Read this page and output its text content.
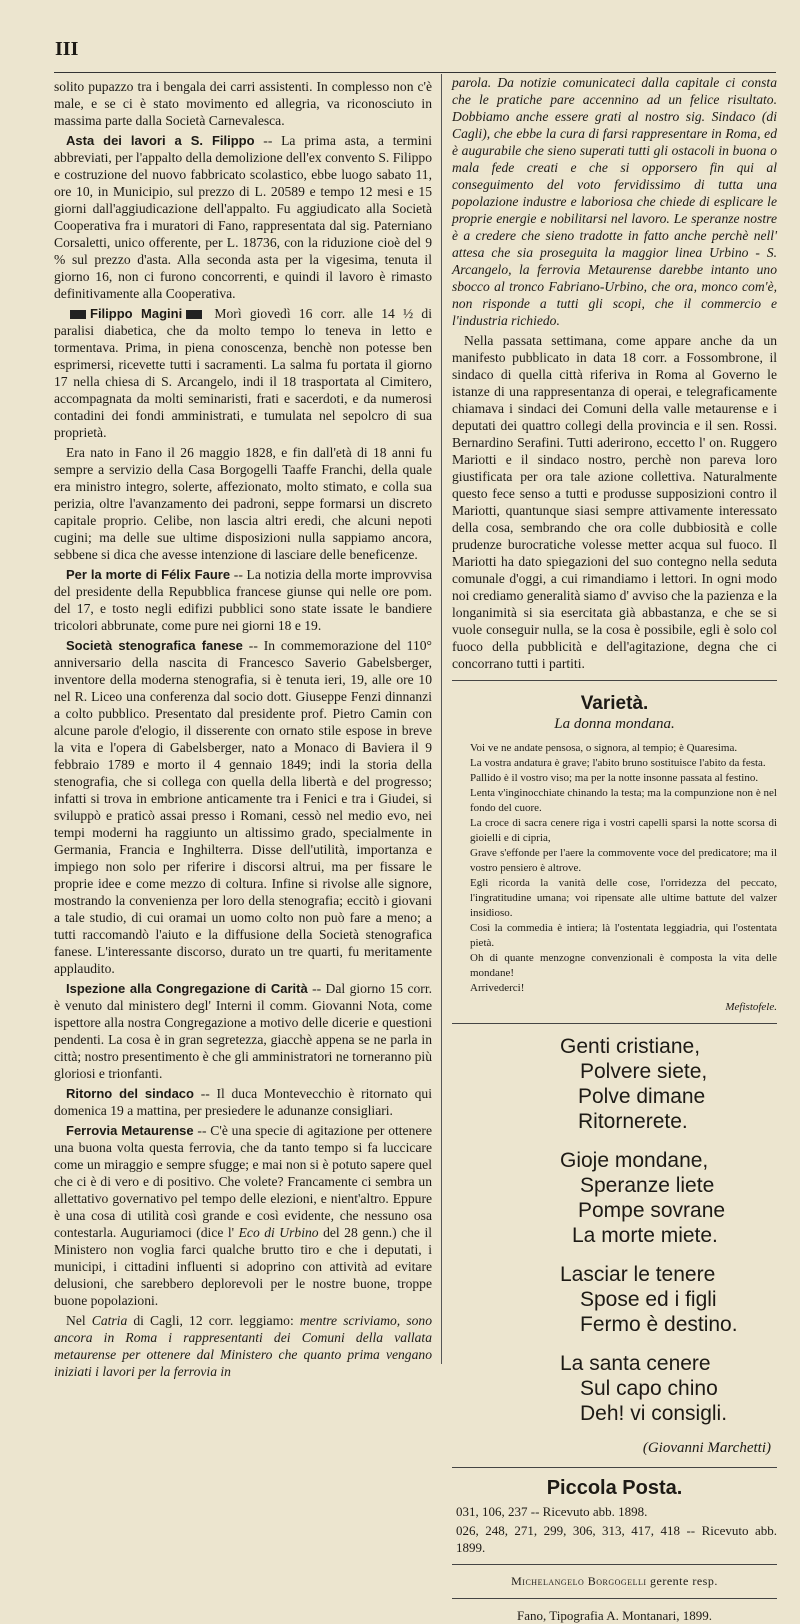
III

solito pupazzo tra i bengala dei carri assistenti. In complesso non c'è male, e se ci è stato movimento ed allegria, va riconosciuto in massima parte dalla Società Carnevalesca.

Asta dei lavori a S. Filippo -- La prima asta, a termini abbreviati, per l'appalto della demolizione dell'ex convento S. Filippo e costruzione del nuovo fabbricato scolastico, ebbe luogo sabato 11, ore 10, in Municipio, sul prezzo di L. 20589 e tempo 12 mesi e 15 giorni dall'aggiudicazione dell'appalto. Fu aggiudicato alla Società Cooperativa fra i muratori di Fano, rappresentata dal sig. Paterniano Corsaletti, unico offerente, per L. 18736, con la riduzione cioè del 9 % sul prezzo d'asta. Alla seconda asta per la vigesima, tenuta il giorno 16, non ci furono concorrenti, e quindi il lavoro è rimasto definitivamente alla Cooperativa.

Filippo Magini Morì giovedì 16 corr. alle 14 ½ di paralisi diabetica, che da molto tempo lo teneva in letto e tormentava. Prima, in piena conoscenza, benchè non potesse ben esprimersi, ricevette tutti i sacramenti. La salma fu portata il giorno 17 nella chiesa di S. Arcangelo, indi il 18 trasportata al Cimitero, accompagnata da molti seminaristi, frati e sacerdoti, e da numerosi contadini dei fondi amministrati, e tumulata nel sepolcro di sua proprietà.

Era nato in Fano il 26 maggio 1828, e fin dall'età di 18 anni fu sempre a servizio della Casa Borgogelli Taaffe Franchi, della quale era ministro integro, solerte, affezionato, molto stimato, e colla sua perizia, oltre l'avanzamento dei padroni, seppe formarsi un discreto capitale proprio. Celibe, non lascia altri eredi, che alcuni nepoti cugini; ma delle sue ultime disposizioni nulla sappiamo ancora, sebbene si dica che avesse intenzione di lasciare delle beneficenze.

Per la morte di Félix Faure -- La notizia della morte improvvisa del presidente della Repubblica francese giunse qui nelle ore pom. del 17, e tosto negli edifizi pubblici sono state issate le bandiere tricolori abbrunate, come pure nei giorni 18 e 19.

Società stenografica fanese -- In commemorazione del 110° anniversario della nascita di Francesco Saverio Gabelsberger, inventore della moderna stenografia, si è tenuta ieri, 19, alle ore 10 nel R. Liceo una conferenza dal socio dott. Giuseppe Fenzi dinnanzi a colto pubblico. Presentato dal presidente prof. Pietro Camin con alcune parole d'elogio, il disserente con ornato stile espose in breve la vita e l'opera di Gabelsberger, nato a Monaco di Baviera il 9 febbraio 1789 e morto il 4 gennaio 1849; indi la storia della stenografia, che si collega con quella della libertà e del progresso; infatti si trova in embrione anticamente tra i Fenici e tra i Giudei, si sviluppò e praticò assai presso i Romani, cessò nel medio evo, nei tempi moderni ha raggiunto un altissimo grado, specialmente in Germania, Francia e Inghilterra. Disse dell'utilità, importanza e impiego non solo per riferire i discorsi altrui, ma per fissare le proprie idee e come mezzo di coltura. Infine si rivolse alle signore, mostrando la convenienza per loro della stenografia; eccitò i giovani a tale studio, di cui oramai un uomo colto non può fare a meno; a tutti raccomandò l'aiuto e la diffusione della Società stenografica fanese. L'interessante discorso, durato un tre quarti, fu meritamente applaudito.

Ispezione alla Congregazione di Carità -- Dal giorno 15 corr. è venuto dal ministero degl' Interni il comm. Giovanni Nota, come ispettore alla nostra Congregazione a motivo delle dicerie e questioni pendenti. La cosa è in gran segretezza, giacchè appena se ne parla in città; nostro presentimento è che gli amministratori ne torneranno più gloriosi e trionfanti.

Ritorno del sindaco -- Il duca Montevecchio è ritornato qui domenica 19 a mattina, per presiedere le adunanze consigliari.

Ferrovia Metaurense -- C'è una specie di agitazione per ottenere una buona volta questa ferrovia, che da tanto tempo si fa luccicare come un miraggio e sempre sfugge; e mai non si è potuto sapere quel che ci è di vero e di positivo. Che volete? Francamente ci sembra un allettativo governativo pel tempo delle elezioni, e nient'altro. Eppure è una cosa di utilità così grande e così evidente, che nessuno osa contestarla. Auguriamoci (dice l' Eco di Urbino del 28 genn.) che il Ministero non voglia farci qualche brutto tiro e che i deputati, i municipi, i cittadini influenti si adoprino con attività ad evitare delusioni, che sarebbero deplorevoli per le nostre buone, troppe buone popolazioni.

Nel Catria di Cagli, 12 corr. leggiamo: mentre scriviamo, sono ancora in Roma i rappresentanti dei Comuni della vallata metaurense per ottenere dal Ministero che quanto prima vengano iniziati i lavori per la ferrovia in

parola. Da notizie comunicateci dalla capitale ci consta che le pratiche pare accennino ad un felice risultato. Dobbiamo anche essere grati al nostro sig. Sindaco (di Cagli), che ebbe la cura di farsi rappresentare in Roma, ed è augurabile che sieno superati tutti gli ostacoli in buona o mala fede creati e che si opporsero fin qui al conseguimento del voto fervidissimo di tutta una popolazione industre e laboriosa che chiede di esplicare le proprie energie e nobilitarsi nel lavoro. Le speranze nostre è a credere che sieno tradotte in fatto anche perchè nell' attesa che sia proseguita la maggior linea Urbino - S. Arcangelo, la ferrovia Metaurense darebbe intanto uno sbocco al tronco Fabriano-Urbino, che ora, monco com'è, non risponde a tutti gli scopi, che il commercio e l'industria richiedo.

Nella passata settimana, come appare anche da un manifesto pubblicato in data 18 corr. a Fossombrone, il sindaco di quella città riferiva in Roma al Governo le istanze di una rappresentanza di operai, e telegraficamente chiamava i sindaci dei Comuni della valle metaurense e i deputati dei quattro collegi della provincia e il sen. Rossi. Bernardino Serafini. Tutti aderirono, eccetto l' on. Ruggero Mariotti e il sindaco nostro, perchè non pareva loro giustificata per ora tale azione collettiva. Naturalmente questo fece senso a tutti e produsse supposizioni contro il Mariotti, quantunque siasi sempre attivamente interessato della cosa, sembrando che ora colle dubbiosità e colle prudenze burocratiche volesse metter acqua sul fuoco. Il Mariotti ha dato spiegazioni del suo contegno nella seduta comunale d'oggi, a cui rimandiamo i lettori. In ogni modo noi crediamo generalità siamo d' avviso che la pazienza e la longanimità si sia esercitata già abbastanza, e che se si vuole conseguir nulla, se la cosa è possibile, egli è solo col fuoco della pubblicità e dell'agitazione, degna che ci concorrano tutti i partiti.

Varietà.
La donna mondana.
Voi ve ne andate pensosa, o signora, al tempio; è Quaresima.
La vostra andatura è grave; l'abito bruno sostituisce l'abito da festa.
Pallido è il vostro viso; ma per la notte insonne passata al festino.
Lenta v'inginocchiate chinando la testa; ma la compunzione non è nel fondo del cuore.
La croce di sacra cenere riga i vostri capelli sparsi la notte scorsa di gioielli e di cipria,
Grave s'effonde per l'aere la commovente voce del predicatore; ma il vostro pensiero è altrove.
Egli ricorda la vanità delle cose, l'orridezza del peccato, l'ingratitudine umana; voi ripensate alle ultime battute del valzer insidioso.
Così la commedia è intiera; là l'ostentata leggiadria, qui l'ostentata pietà.
Oh di quante menzogne convenzionali è composta la vita delle mondane!
Arrivederci!
Mefistofele.
Genti cristiane,
Polvere siete,
Polve dimane
Ritornerete.
Gioje mondane,
Speranze liete
Pompe sovrane
La morte miete.
Lasciar le tenere
Spose ed i figli
Fermo è destino.
La santa cenere
Sul capo chino
Deh! vi consigli.
(Giovanni Marchetti)
Piccola Posta.
031, 106, 237 -- Ricevuto abb. 1898.
026, 248, 271, 299, 306, 313, 417, 418 -- Ricevuto abb. 1899.
Michelangelo Borgogelli gerente resp.
Fano, Tipografia A. Montanari, 1899.
